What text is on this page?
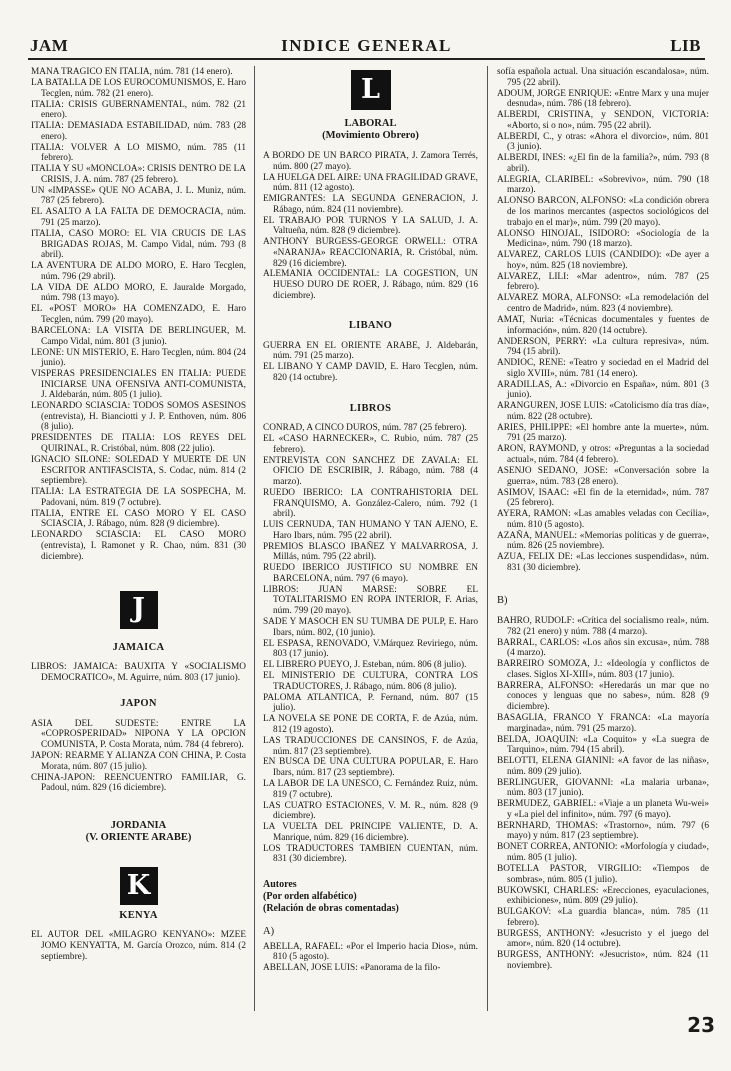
JAM	INDICE GENERAL	LIB
MANA TRAGICO EN ITALIA, núm. 781 (14 enero).
LA BATALLA DE LOS EUROCOMUNISMOS, E. Haro Tecglen, núm. 782 (21 enero).
ITALIA: CRISIS GUBERNAMENTAL, núm. 782 (21 enero).
ITALIA: DEMASIADA ESTABILIDAD, núm. 783 (28 enero).
ITALIA: VOLVER A LO MISMO, núm. 785 (11 febrero).
ITALIA Y SU «MONCLOA»: CRISIS DENTRO DE LA CRISIS, J. A. núm. 787 (25 febrero).
UN «IMPASSE» QUE NO ACABA, J. L. Muniz, núm. 787 (25 febrero).
EL ASALTO A LA FALTA DE DEMOCRACIA, núm. 791 (25 marzo).
ITALIA, CASO MORO: EL VIA CRUCIS DE LAS BRIGADAS ROJAS, M. Campo Vidal, núm. 793 (8 abril).
LA AVENTURA DE ALDO MORO, E. Haro Tecglen, núm. 796 (29 abril).
LA VIDA DE ALDO MORO, E. Jauralde Morgado, núm. 798 (13 mayo).
EL «POST MORO» HA COMENZADO, E. Haro Tecglen, núm. 799 (20 mayo).
BARCELONA: LA VISITA DE BERLINGUER, M. Campo Vidal, núm. 801 (3 junio).
LEONE: UN MISTERIO, E. Haro Tecglen, núm. 804 (24 junio).
VISPERAS PRESIDENCIALES EN ITALIA: PUEDE INICIARSE UNA OFENSIVA ANTI-COMUNISTA, J. Aldebarán, núm. 805 (1 julio).
LEONARDO SCIASCIA: TODOS SOMOS ASESINOS (entrevista), H. Bianciotti y J. P. Enthoven, núm. 806 (8 julio).
PRESIDENTES DE ITALIA: LOS REYES DEL QUIRINAL, R. Cristóbal, núm. 808 (22 julio).
IGNACIO SILONE: SOLEDAD Y MUERTE DE UN ESCRITOR ANTIFASCISTA, S. Codac, núm. 814 (2 septiembre).
ITALIA: LA ESTRATEGIA DE LA SOSPECHA, M. Padovani, núm. 819 (7 octubre).
ITALIA, ENTRE EL CASO MORO Y EL CASO SCIASCIA, J. Rábago, núm. 828 (9 diciembre).
LEONARDO SCIASCIA: EL CASO MORO (entrevista), I. Ramonet y R. Chao, núm. 831 (30 diciembre).
J
JAMAICA
LIBROS: JAMAICA: BAUXITA Y «SOCIALISMO DEMOCRATICO», M. Aguirre, núm. 803 (17 junio).
JAPON
ASIA DEL SUDESTE: ENTRE LA «COPROSPERIDAD» NIPONA Y LA OPCION COMUNISTA, P. Costa Morata, núm. 784 (4 febrero).
JAPON: REARME Y ALIANZA CON CHINA, P. Costa Morata, núm. 807 (15 julio).
CHINA-JAPON: REENCUENTRO FAMILIAR, G. Padoul, núm. 829 (16 diciembre).
JORDANIA
(V. ORIENTE ARABE)
K
KENYA
EL AUTOR DEL «MILAGRO KENYANO»: MZEE JOMO KENYATTA, M. García Orozco, núm. 814 (2 septiembre).
L
LABORAL
(Movimiento Obrero)
A BORDO DE UN BARCO PIRATA, J. Zamora Terrés, núm. 800 (27 mayo).
LA HUELGA DEL AIRE: UNA FRAGILIDAD GRAVE, núm. 811 (12 agosto).
EMIGRANTES: LA SEGUNDA GENERACION, J. Rábago, núm. 824 (11 noviembre).
EL TRABAJO POR TURNOS Y LA SALUD, J. A. Valtueña, núm. 828 (9 diciembre).
ANTHONY BURGESS-GEORGE ORWELL: OTRA «NARANJA» REACCIONARIA, R. Cristóbal, núm. 829 (16 diciembre).
ALEMANIA OCCIDENTAL: LA COGESTION, UN HUESO DURO DE ROER, J. Rábago, núm. 829 (16 diciembre).
LIBANO
GUERRA EN EL ORIENTE ARABE, J. Aldebarán, núm. 791 (25 marzo).
EL LIBANO Y CAMP DAVID, E. Haro Tecglen, núm. 820 (14 octubre).
LIBROS
CONRAD, A CINCO DUROS, núm. 787 (25 febrero).
EL «CASO HARNECKER», C. Rubio, núm. 787 (25 febrero).
ENTREVISTA CON SANCHEZ DE ZAVALA: EL OFICIO DE ESCRIBIR, J. Rábago, núm. 788 (4 marzo).
RUEDO IBERICO: LA CONTRAHISTORIA DEL FRANQUISMO, A. González-Calero, núm. 792 (1 abril).
LUIS CERNUDA, TAN HUMANO Y TAN AJENO, E. Haro Ibars, núm. 795 (22 abril).
PREMIOS BLASCO IBAÑEZ Y MALVARROSA, J. Millás, núm. 795 (22 abril).
RUEDO IBERICO JUSTIFICO SU NOMBRE EN BARCELONA, núm. 797 (6 mayo).
LIBROS: JUAN MARSE: SOBRE EL TOTALITARISMO EN ROPA INTERIOR, F. Arias, núm. 799 (20 mayo).
SADE Y MASOCH EN SU TUMBA DE PULP, E. Haro Ibars, núm. 802, (10 junio).
EL ESPASA, RENOVADO, V.Márquez Reviriego, núm. 803 (17 junio).
EL LIBRERO PUEYO, J. Esteban, núm. 806 (8 julio).
EL MINISTERIO DE CULTURA, CONTRA LOS TRADUCTORES, J. Rábago, núm. 806 (8 julio).
PALOMA ATLANTICA, P. Fernand, núm. 807 (15 julio).
LA NOVELA SE PONE DE CORTA, F. de Azúa, núm. 812 (19 agosto).
LAS TRADUCCIONES DE CANSINOS, F. de Azúa, núm. 817 (23 septiembre).
EN BUSCA DE UNA CULTURA POPULAR, E. Haro Ibars, núm. 817 (23 septiembre).
LA LABOR DE LA UNESCO, C. Fernández Ruiz, núm. 819 (7 octubre).
LAS CUATRO ESTACIONES, V. M. R., núm. 828 (9 diciembre).
LA VUELTA DEL PRINCIPE VALIENTE, D. A. Manrique, núm. 829 (16 diciembre).
LOS TRADUCTORES TAMBIEN CUENTAN, núm. 831 (30 diciembre).
Autores
(Por orden alfabético)
(Relación de obras comentadas)
A)
ABELLA, RAFAEL: «Por el Imperio hacia Dios», núm. 810 (5 agosto).
ABELLAN, JOSE LUIS: «Panorama de la filo-
sofía española actual. Una situación escandalosa», núm. 795 (22 abril).
ADOUM, JORGE ENRIQUE: «Entre Marx y una mujer desnuda», núm. 786 (18 febrero).
ALBERDI, CRISTINA, y SENDON, VICTORIA: «Aborto, si o no», núm. 795 (22 abril).
ALBERDI, C., y otras: «Ahora el divorcio», núm. 801 (3 junio).
ALBERDI, INES: «¿El fin de la familia?», núm. 793 (8 abril).
ALEGRIA, CLARIBEL: «Sobrevivo», núm. 790 (18 marzo).
ALONSO BARCON, ALFONSO: «La condición obrera de los marinos mercantes (aspectos sociológicos del trabajo en el mar)», núm. 799 (20 mayo).
ALONSO HINOJAL, ISIDORO: «Sociología de la Medicina», núm. 790 (18 marzo).
ALVAREZ, CARLOS LUIS (CANDIDO): «De ayer a hoy», núm. 825 (18 noviembre).
ALVAREZ, LILI: «Mar adentro», núm. 787 (25 febrero).
ALVAREZ MORA, ALFONSO: «La remodelación del centro de Madrid», núm. 823 (4 noviembre).
AMAT, Nuria: «Técnicas documentales y fuentes de información», núm. 820 (14 octubre).
ANDERSON, PERRY: «La cultura represiva», núm. 794 (15 abril).
ANDIOC, RENE: «Teatro y sociedad en el Madrid del siglo XVIII», núm. 781 (14 enero).
ARADILLAS, A.: «Divorcio en España», núm. 801 (3 junio).
ARANGUREN, JOSE LUIS: «Catolicismo día tras día», núm. 822 (28 octubre).
ARIES, PHILIPPE: «El hombre ante la muerte», núm. 791 (25 marzo).
ARON, RAYMOND, y otros: «Preguntas a la sociedad actual», núm. 784 (4 febrero).
ASENJO SEDANO, JOSE: «Conversación sobre la guerra», núm. 783 (28 enero).
ASIMOV, ISAAC: «El fin de la eternidad», núm. 787 (25 febrero).
AYERA, RAMON: «Las amables veladas con Cecilia», núm. 810 (5 agosto).
AZAÑA, MANUEL: «Memorias políticas y de guerra», núm. 826 (25 noviembre).
AZUA, FELIX DE: «Las lecciones suspendidas», núm. 831 (30 diciembre).
B)
BAHRO, RUDOLF: «Crítica del socialismo real», núm. 782 (21 enero) y núm. 788 (4 marzo).
BARRAL, CARLOS: «Los años sin excusa», núm. 788 (4 marzo).
BARREIRO SOMOZA, J.: «Ideología y conflictos de clases. Siglos XI-XIII», núm. 803 (17 junio).
BARRERA, ALFONSO: «Heredarás un mar que no conoces y lenguas que no sabes», núm. 828 (9 diciembre).
BASAGLIA, FRANCO Y FRANCA: «La mayoría marginada», núm. 791 (25 marzo).
BELDA, JOAQUIN: «La Coquito» y «La suegra de Tarquino», núm. 794 (15 abril).
BELOTTI, ELENA GIANINI: «A favor de las niñas», núm. 809 (29 julio).
BERLINGUER, GIOVANNI: «La malaria urbana», núm. 803 (17 junio).
BERMUDEZ, GABRIEL: «Viaje a un planeta Wu-wei» y «La piel del infinito», núm. 797 (6 mayo).
BERNHARD, THOMAS: «Trastorno», núm. 797 (6 mayo) y núm. 817 (23 septiembre).
BONET CORREA, ANTONIO: «Morfología y ciudad», núm. 805 (1 julio).
BOTELLA PASTOR, VIRGILIO: «Tiempos de sombras», núm. 805 (1 julio).
BUKOWSKI, CHARLES: «Erecciones, eyaculaciones, exhibiciones», núm. 809 (29 julio).
BULGAKOV: «La guardia blanca», núm. 785 (11 febrero).
BURGESS, ANTHONY: «Jesucristo y el juego del amor», núm. 820 (14 octubre).
BURGESS, ANTHONY: «Jesucristo», núm. 824 (11 noviembre).
23
